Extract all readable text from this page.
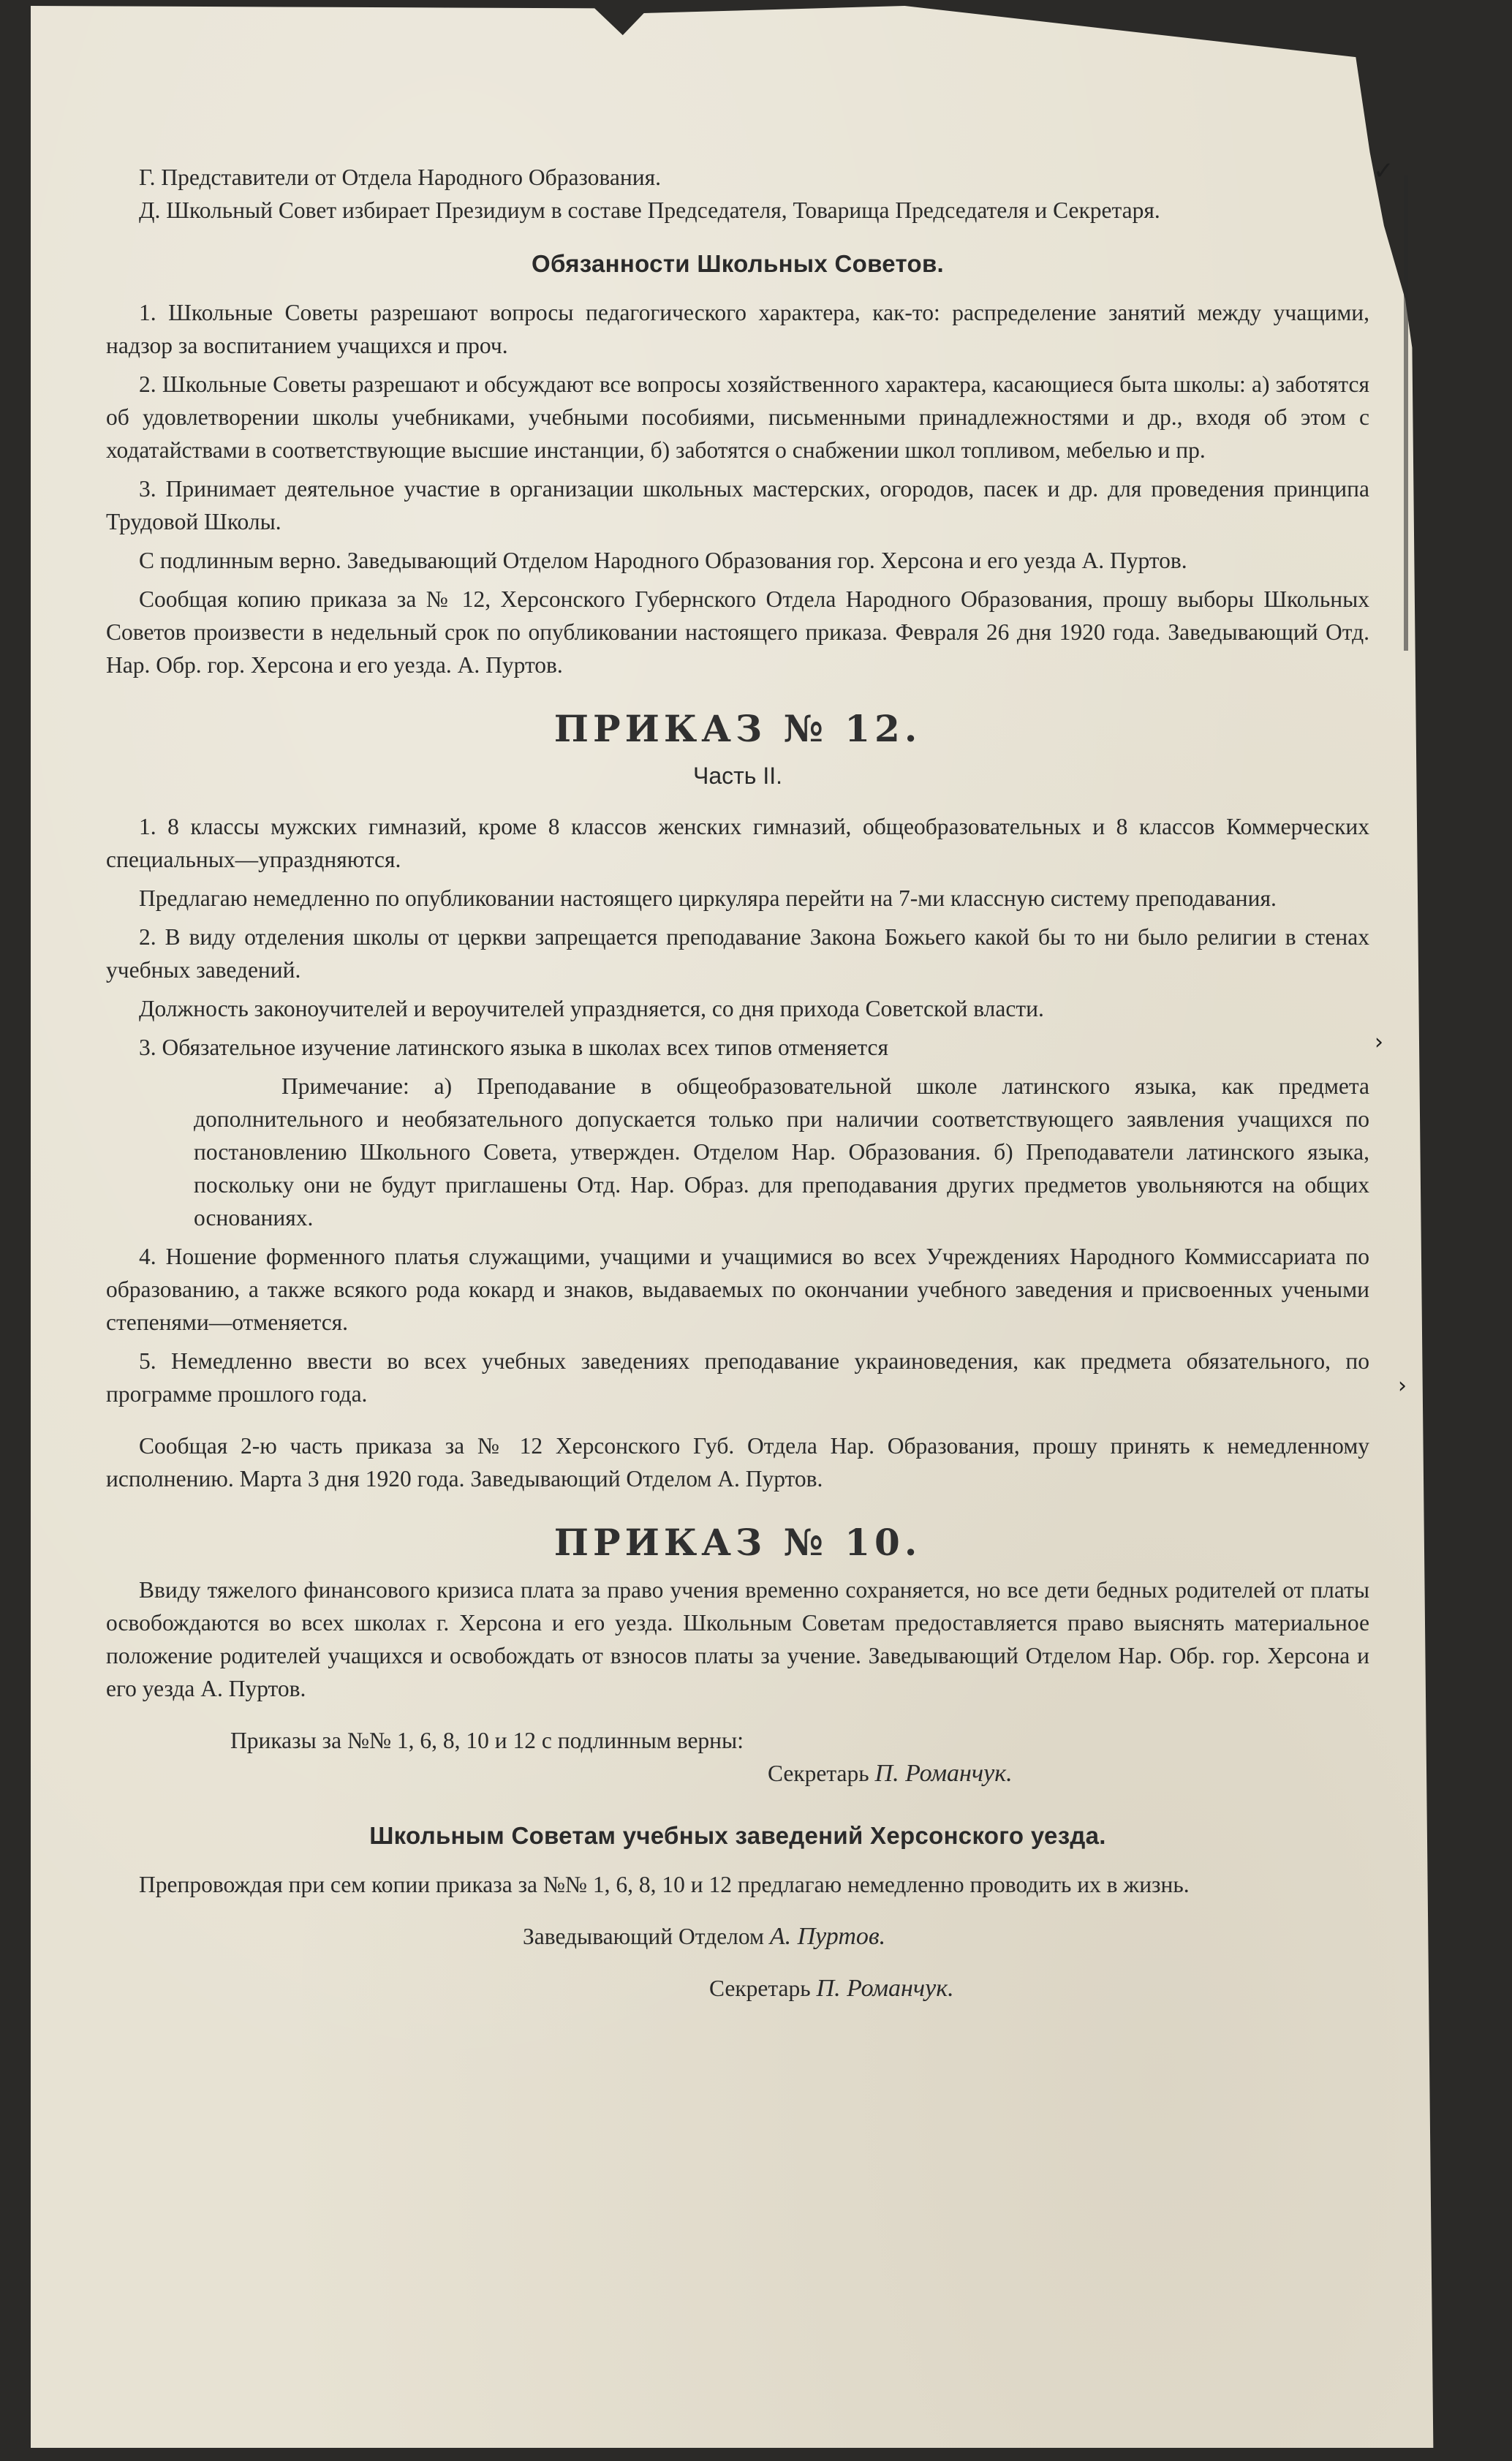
✓
›
›

Г. Представители от Отдела Народного Образования.

Д. Школьный Совет избирает Президиум в составе Председателя, Товарища Председателя и Секретаря.

Обязанности Школьных Советов.

1. Школьные Советы разрешают вопросы педагогического характера, как-то: распределение занятий между учащими, надзор за воспитанием учащихся и проч.

2. Школьные Советы разрешают и обсуждают все вопросы хозяйственного характера, касающиеся быта школы: а) заботятся об удовлетворении школы учебниками, учебными пособиями, письменными принадлежностями и др., входя об этом с ходатайствами в соответствующие высшие инстанции, б) заботятся о снабжении школ топливом, мебелью и пр.

3. Принимает деятельное участие в организации школьных мастерских, огородов, пасек и др. для проведения принципа Трудовой Школы.

С подлинным верно. Заведывающий Отделом Народного Образования гор. Херсона и его уезда А. Пуртов.

Сообщая копию приказа за № 12, Херсонского Губернского Отдела Народного Образования, прошу выборы Школьных Советов произвести в недельный срок по опубликовании настоящего приказа. Февраля 26 дня 1920 года. Заведывающий Отд. Нар. Обр. гор. Херсона и его уезда. А. Пуртов.

ПРИКАЗ № 12.
Часть II.

1. 8 классы мужских гимназий, кроме 8 классов женских гимназий, общеобразовательных и 8 классов Коммерческих специальных—упраздняются.

Предлагаю немедленно по опубликовании настоящего циркуляра перейти на 7-ми классную систему преподавания.

2. В виду отделения школы от церкви запрещается преподавание Закона Божьего какой бы то ни было религии в стенах учебных заведений.

Должность законоучителей и вероучителей упраздняется, со дня прихода Советской власти.

3. Обязательное изучение латинского языка в школах всех типов отменяется

Примечание: а) Преподавание в общеобразовательной школе латинского языка, как предмета дополнительного и необязательного допускается только при наличии соответствующего заявления учащихся по постановлению Школьного Совета, утвержден. Отделом Нар. Образования. б) Преподаватели латинского языка, поскольку они не будут приглашены Отд. Нар. Образ. для преподавания других предметов увольняются на общих основаниях.

4. Ношение форменного платья служащими, учащими и учащимися во всех Учреждениях Народного Коммиссариата по образованию, а также всякого рода кокард и знаков, выдаваемых по окончании учебного заведения и присвоенных учеными степенями—отменяется.

5. Немедленно ввести во всех учебных заведениях преподавание украиноведения, как предмета обязательного, по программе прошлого года.

Сообщая 2-ю часть приказа за № 12 Херсонского Губ. Отдела Нар. Образования, прошу принять к немедленному исполнению. Марта 3 дня 1920 года. Заведывающий Отделом А. Пуртов.

ПРИКАЗ № 10.

Ввиду тяжелого финансового кризиса плата за право учения временно сохраняется, но все дети бедных родителей от платы освобождаются во всех школах г. Херсона и его уезда. Школьным Советам предоставляется право выяснять материальное положение родителей учащихся и освобождать от взносов платы за учение. Заведывающий Отделом Нар. Обр. гор. Херсона и его уезда А. Пуртов.

Приказы за №№ 1, 6, 8, 10 и 12 с подлинным верны:

Секретарь П. Романчук.

Школьным Советам учебных заведений Херсонского уезда.

Препровождая при сем копии приказа за №№ 1, 6, 8, 10 и 12 предлагаю немедленно проводить их в жизнь.

Заведывающий Отделом А. Пуртов.

Секретарь П. Романчук.
